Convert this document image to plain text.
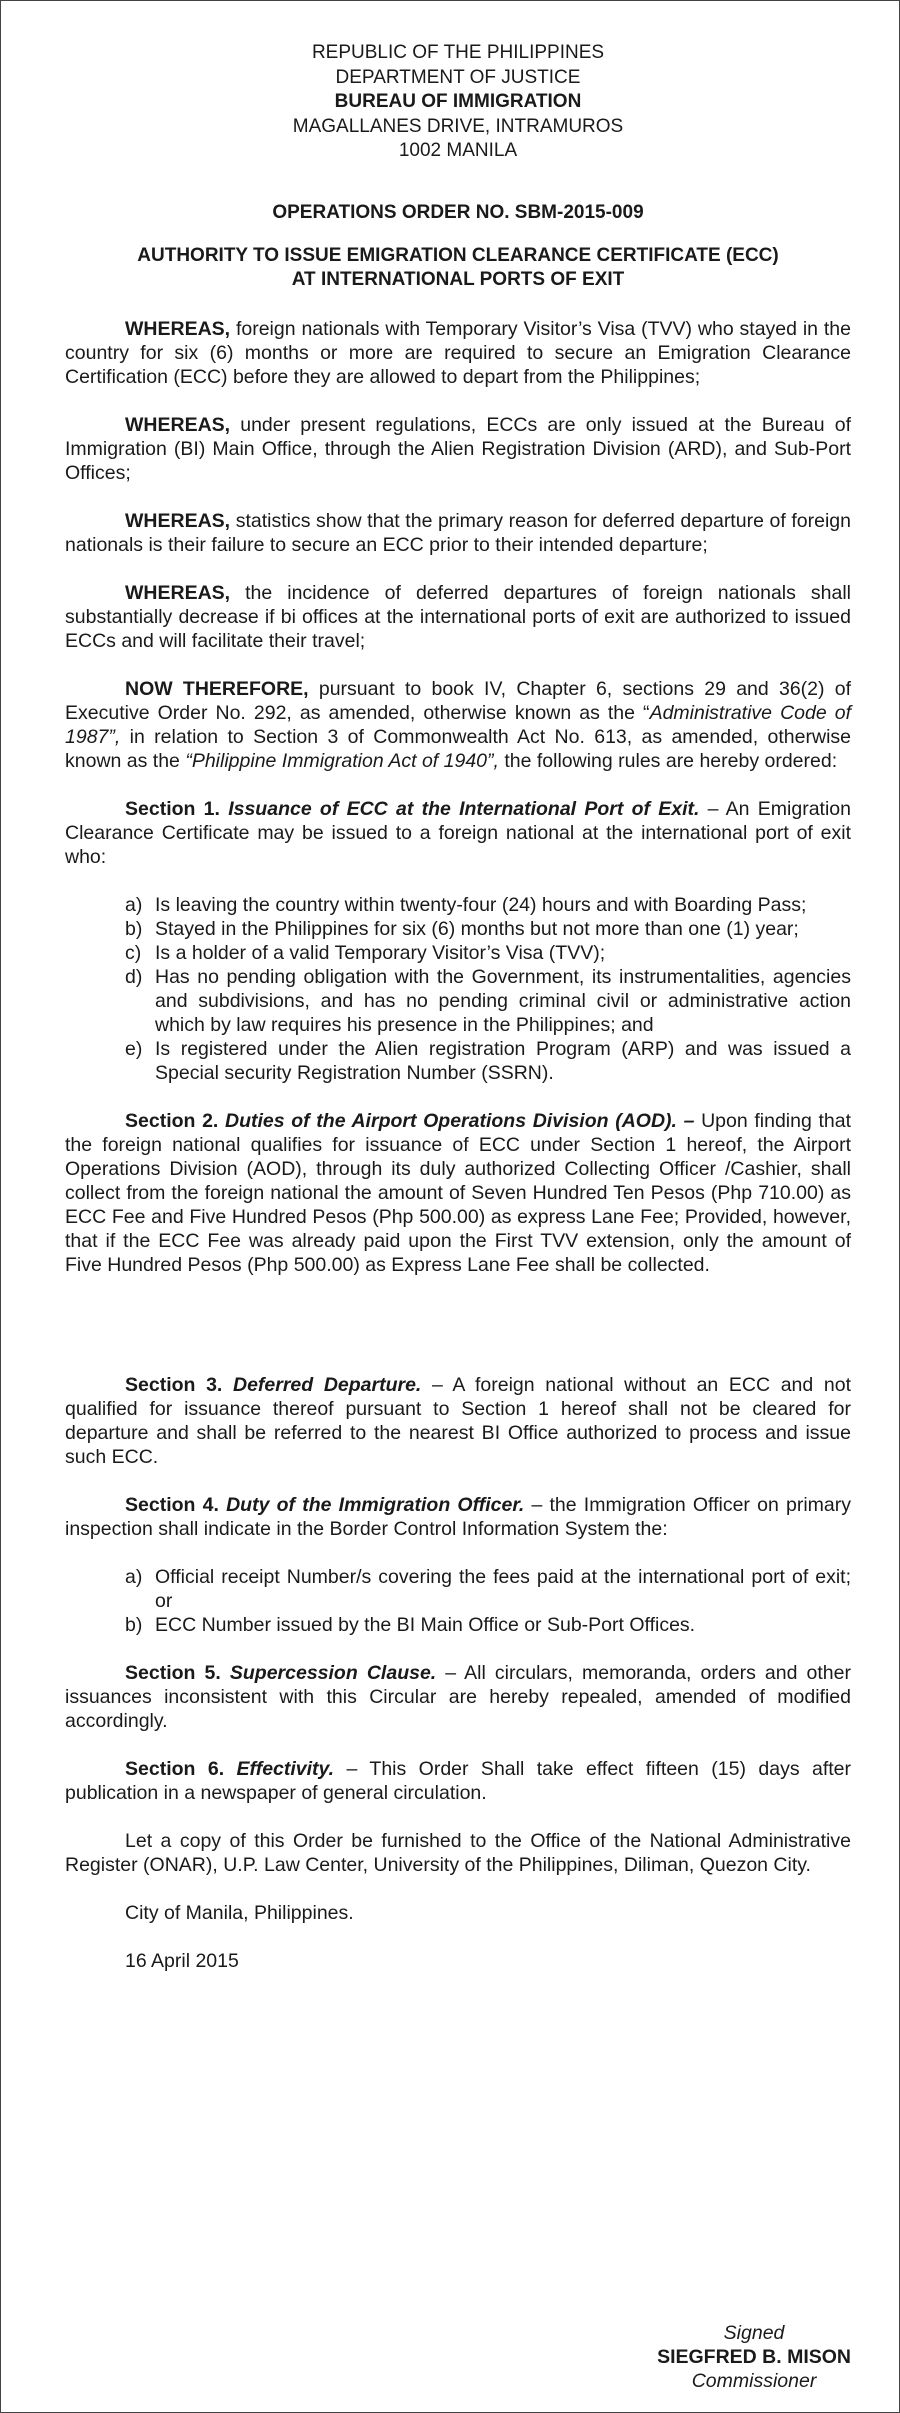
REPUBLIC OF THE PHILIPPINES
DEPARTMENT OF JUSTICE
BUREAU OF IMMIGRATION
MAGALLANES DRIVE, INTRAMUROS
1002 MANILA
OPERATIONS ORDER NO. SBM-2015-009
AUTHORITY TO ISSUE EMIGRATION CLEARANCE CERTIFICATE (ECC)
AT INTERNATIONAL PORTS OF EXIT

WHEREAS, foreign nationals with Temporary Visitor’s Visa (TVV) who stayed in the country for six (6) months or more are required to secure an Emigration Clearance Certification (ECC) before they are allowed to depart from the Philippines;

WHEREAS, under present regulations, ECCs are only issued at the Bureau of Immigration (BI) Main Office, through the Alien Registration Division (ARD), and Sub-Port Offices;

WHEREAS, statistics show that the primary reason for deferred departure of foreign nationals is their failure to secure an ECC prior to their intended departure;

WHEREAS, the incidence of deferred departures of foreign nationals shall substantially decrease if bi offices at the international ports of exit are authorized to issued ECCs and will facilitate their travel;

NOW THEREFORE, pursuant to book IV, Chapter 6, sections 29 and 36(2) of Executive Order No. 292, as amended, otherwise known as the “Administrative Code of 1987”, in relation to Section 3 of Commonwealth Act No. 613, as amended, otherwise known as the “Philippine Immigration Act of 1940”, the following rules are hereby ordered:

Section 1. Issuance of ECC at the International Port of Exit. – An Emigration Clearance Certificate may be issued to a foreign national at the international port of exit who:

a) Is leaving the country within twenty-four (24) hours and with Boarding Pass;
b) Stayed in the Philippines for six (6) months but not more than one (1) year;
c) Is a holder of a valid Temporary Visitor’s Visa (TVV);
d) Has no pending obligation with the Government, its instrumentalities, agencies and subdivisions, and has no pending criminal civil or administrative action which by law requires his presence in the Philippines; and
e) Is registered under the Alien registration Program (ARP) and was issued a Special security Registration Number (SSRN).

Section 2. Duties of the Airport Operations Division (AOD). – Upon finding that the foreign national qualifies for issuance of ECC under Section 1 hereof, the Airport Operations Division (AOD), through its duly authorized Collecting Officer /Cashier, shall collect from the foreign national the amount of Seven Hundred Ten Pesos (Php 710.00) as ECC Fee and Five Hundred Pesos (Php 500.00) as express Lane Fee; Provided, however, that if the ECC Fee was already paid upon the First TVV extension, only the amount of Five Hundred Pesos (Php 500.00) as Express Lane Fee shall be collected.

Section 3. Deferred Departure. – A foreign national without an ECC and not qualified for issuance thereof pursuant to Section 1 hereof shall not be cleared for departure and shall be referred to the nearest BI Office authorized to process and issue such ECC.

Section 4. Duty of the Immigration Officer. – the Immigration Officer on primary inspection shall indicate in the Border Control Information System the:

a) Official receipt Number/s covering the fees paid at the international port of exit; or
b) ECC Number issued by the BI Main Office or Sub-Port Offices.

Section 5. Supercession Clause. – All circulars, memoranda, orders and other issuances inconsistent with this Circular are hereby repealed, amended of modified accordingly.

Section 6. Effectivity. – This Order Shall take effect fifteen (15) days after publication in a newspaper of general circulation.

Let a copy of this Order be furnished to the Office of the National Administrative Register (ONAR), U.P. Law Center, University of the Philippines, Diliman, Quezon City.

City of Manila, Philippines.

16 April 2015

Signed
SIEGFRED B. MISON
Commissioner
